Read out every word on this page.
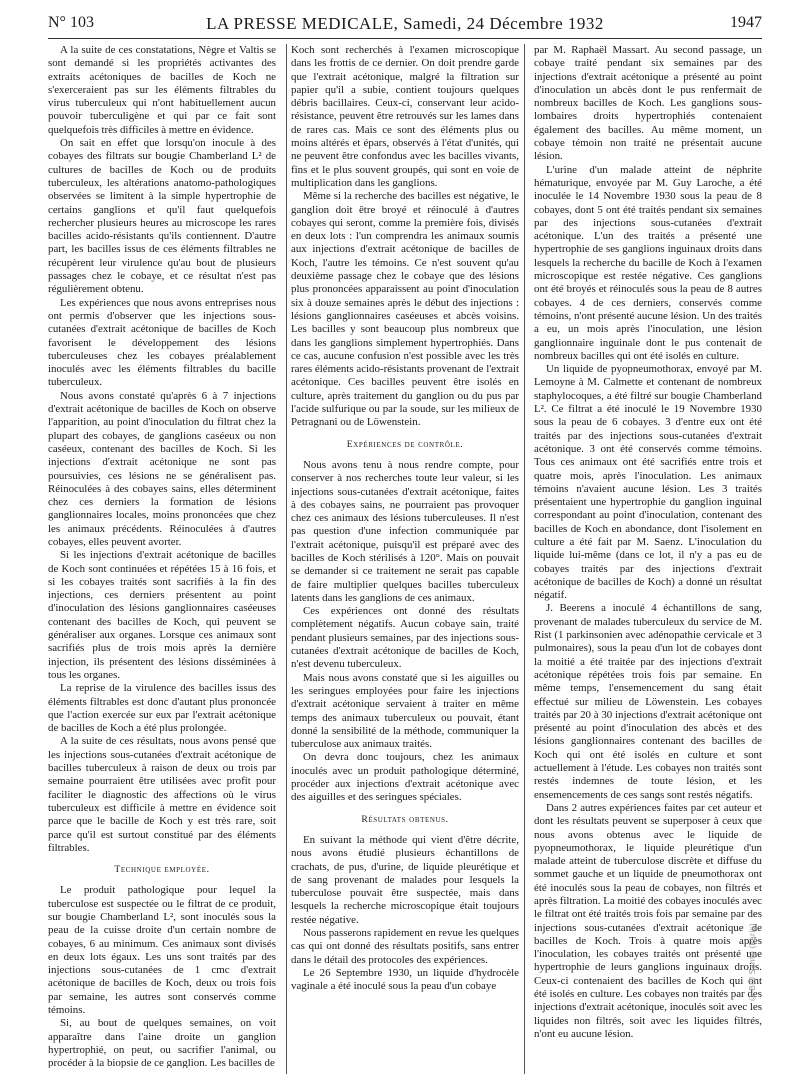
N° 103	LA PRESSE MEDICALE, Samedi, 24 Décembre 1932	1947

A la suite de ces constatations, Nègre et Valtis se sont demandé si les propriétés activantes des extraits acétoniques de bacilles de Koch ne s'exerceraient pas sur les éléments filtrables du virus tuberculeux qui n'ont habituellement aucun pouvoir tuberculigène et qui par ce fait sont quelquefois très difficiles à mettre en évidence.

On sait en effet que lorsqu'on inocule à des cobayes des filtrats sur bougie Chamberland L² de cultures de bacilles de Koch ou de produits tuberculeux, les altérations anatomo-pathologiques observées se limitent à la simple hypertrophie de certains ganglions et qu'il faut quelquefois rechercher plusieurs heures au microscope les rares bacilles acido-résistants qu'ils contiennent. D'autre part, les bacilles issus de ces éléments filtrables ne récupèrent leur virulence qu'au bout de plusieurs passages chez le cobaye, et ce résultat n'est pas régulièrement obtenu.

Les expériences que nous avons entreprises nous ont permis d'observer que les injections sous-cutanées d'extrait acétonique de bacilles de Koch favorisent le développement des lésions tuberculeuses chez les cobayes préalablement inoculés avec les éléments filtrables du bacille tuberculeux.

Nous avons constaté qu'après 6 à 7 injections d'extrait acétonique de bacilles de Koch on observe l'apparition, au point d'inoculation du filtrat chez la plupart des cobayes, de ganglions caséeux ou non caséeux, contenant des bacilles de Koch. Si les injections d'extrait acétonique ne sont pas poursuivies, ces lésions ne se généralisent pas. Réinoculées à des cobayes sains, elles déterminent chez ces derniers la formation de lésions ganglionnaires locales, moins prononcées que chez les animaux précédents. Réinoculées à d'autres cobayes, elles peuvent avorter.

Si les injections d'extrait acétonique de bacilles de Koch sont continuées et répétées 15 à 16 fois, et si les cobayes traités sont sacrifiés à la fin des injections, ces derniers présentent au point d'inoculation des lésions ganglionnaires caséeuses contenant des bacilles de Koch, qui peuvent se généraliser aux organes. Lorsque ces animaux sont sacrifiés plus de trois mois après la dernière injection, ils présentent des lésions disséminées à tous les organes.

La reprise de la virulence des bacilles issus des éléments filtrables est donc d'autant plus prononcée que l'action exercée sur eux par l'extrait acétonique de bacilles de Koch a été plus prolongée.

A la suite de ces résultats, nous avons pensé que les injections sous-cutanées d'extrait acétonique de bacilles tuberculeux à raison de deux ou trois par semaine pourraient être utilisées avec profit pour faciliter le diagnostic des affections où le virus tuberculeux est difficile à mettre en évidence soit parce que le bacille de Koch y est très rare, soit parce qu'il est surtout constitué par des éléments filtrables.

Technique employée.

Le produit pathologique pour lequel la tuberculose est suspectée ou le filtrat de ce produit, sur bougie Chamberland L², sont inoculés sous la peau de la cuisse droite d'un certain nombre de cobayes, 6 au minimum. Ces animaux sont divisés en deux lots égaux. Les uns sont traités par des injections sous-cutanées de 1 cmc d'extrait acétonique de bacilles de Koch, deux ou trois fois par semaine, les autres sont conservés comme témoins.

Si, au bout de quelques semaines, on voit apparaître dans l'aine droite un ganglion hypertrophié, on peut, ou sacrifier l'animal, ou procéder à la biopsie de ce ganglion. Les bacilles de

Koch sont recherchés à l'examen microscopique dans les frottis de ce dernier. On doit prendre garde que l'extrait acétonique, malgré la filtration sur papier qu'il a subie, contient toujours quelques débris bacillaires. Ceux-ci, conservant leur acido-résistance, peuvent être retrouvés sur les lames dans de rares cas. Mais ce sont des éléments plus ou moins altérés et épars, observés à l'état d'unités, qui ne peuvent être confondus avec les bacilles vivants, fins et le plus souvent groupés, qui sont en voie de multiplication dans les ganglions.

Même si la recherche des bacilles est négative, le ganglion doit être broyé et réinoculé à d'autres cobayes qui seront, comme la première fois, divisés en deux lots : l'un comprendra les animaux soumis aux injections d'extrait acétonique de bacilles de Koch, l'autre les témoins. Ce n'est souvent qu'au deuxième passage chez le cobaye que des lésions plus prononcées apparaissent au point d'inoculation six à douze semaines après le début des injections : lésions ganglionnaires caséeuses et abcès voisins. Les bacilles y sont beaucoup plus nombreux que dans les ganglions simplement hypertrophiés. Dans ce cas, aucune confusion n'est possible avec les très rares éléments acido-résistants provenant de l'extrait acétonique. Ces bacilles peuvent être isolés en culture, après traitement du ganglion ou du pus par l'acide sulfurique ou par la soude, sur les milieux de Petragnani ou de Löwenstein.

Expériences de contrôle.

Nous avons tenu à nous rendre compte, pour conserver à nos recherches toute leur valeur, si les injections sous-cutanées d'extrait acétonique, faites à des cobayes sains, ne pourraient pas provoquer chez ces animaux des lésions tuberculeuses. Il n'est pas question d'une infection communiquée par l'extrait acétonique, puisqu'il est préparé avec des bacilles de Koch stérilisés à 120°. Mais on pouvait se demander si ce traitement ne serait pas capable de faire multiplier quelques bacilles tuberculeux latents dans les ganglions de ces animaux.

Ces expériences ont donné des résultats complètement négatifs. Aucun cobaye sain, traité pendant plusieurs semaines, par des injections sous-cutanées d'extrait acétonique de bacilles de Koch, n'est devenu tuberculeux.

Mais nous avons constaté que si les aiguilles ou les seringues employées pour faire les injections d'extrait acétonique servaient à traiter en même temps des animaux tuberculeux ou pouvait, étant donné la sensibilité de la méthode, communiquer la tuberculose aux animaux traités.

On devra donc toujours, chez les animaux inoculés avec un produit pathologique déterminé, procéder aux injections d'extrait acétonique avec des aiguilles et des seringues spéciales.

Résultats obtenus.

En suivant la méthode qui vient d'être décrite, nous avons étudié plusieurs échantillons de crachats, de pus, d'urine, de liquide pleurétique et de sang provenant de malades pour lesquels la tuberculose pouvait être suspectée, mais dans lesquels la recherche microscopique était toujours restée négative.

Nous passerons rapidement en revue les quelques cas qui ont donné des résultats positifs, sans entrer dans le détail des protocoles des expériences.

Le 26 Septembre 1930, un liquide d'hydrocèle vaginale a été inoculé sous la peau d'un cobaye

par M. Raphaël Massart. Au second passage, un cobaye traité pendant six semaines par des injections d'extrait acétonique a présenté au point d'inoculation un abcès dont le pus renfermait de nombreux bacilles de Koch. Les ganglions sous-lombaires droits hypertrophiés contenaient également des bacilles. Au même moment, un cobaye témoin non traité ne présentait aucune lésion.

L'urine d'un malade atteint de néphrite hématurique, envoyée par M. Guy Laroche, a été inoculée le 14 Novembre 1930 sous la peau de 8 cobayes, dont 5 ont été traités pendant six semaines par des injections sous-cutanées d'extrait acétonique. L'un des traités a présenté une hypertrophie de ses ganglions inguinaux droits dans lesquels la recherche du bacille de Koch à l'examen microscopique est restée négative. Ces ganglions ont été broyés et réinoculés sous la peau de 8 autres cobayes. 4 de ces derniers, conservés comme témoins, n'ont présenté aucune lésion. Un des traités a eu, un mois après l'inoculation, une lésion ganglionnaire inguinale dont le pus contenait de nombreux bacilles qui ont été isolés en culture.

Un liquide de pyopneumothorax, envoyé par M. Lemoyne à M. Calmette et contenant de nombreux staphylocoques, a été filtré sur bougie Chamberland L². Ce filtrat a été inoculé le 19 Novembre 1930 sous la peau de 6 cobayes. 3 d'entre eux ont été traités par des injections sous-cutanées d'extrait acétonique. 3 ont été conservés comme témoins. Tous ces animaux ont été sacrifiés entre trois et quatre mois, après l'inoculation. Les animaux témoins n'avaient aucune lésion. Les 3 traités présentaient une hypertrophie du ganglion inguinal correspondant au point d'inoculation, contenant des bacilles de Koch en abondance, dont l'isolement en culture a été fait par M. Saenz. L'inoculation du liquide lui-même (dans ce lot, il n'y a pas eu de cobayes traités par des injections d'extrait acétonique de bacilles de Koch) a donné un résultat négatif.

J. Beerens a inoculé 4 échantillons de sang, provenant de malades tuberculeux du service de M. Rist (1 parkinsonien avec adénopathie cervicale et 3 pulmonaires), sous la peau d'un lot de cobayes dont la moitié a été traitée par des injections d'extrait acétonique répétées trois fois par semaine. En même temps, l'ensemencement du sang était effectué sur milieu de Löwenstein. Les cobayes traités par 20 à 30 injections d'extrait acétonique ont présenté au point d'inoculation des abcès et des lésions ganglionnaires contenant des bacilles de Koch qui ont été isolés en culture et sont actuellement à l'étude. Les cobayes non traités sont restés indemnes de toute lésion, et les ensemencements de ces sangs sont restés négatifs.

Dans 2 autres expériences faites par cet auteur et dont les résultats peuvent se superposer à ceux que nous avons obtenus avec le liquide de pyopneumothorax, le liquide pleurétique d'un malade atteint de tuberculose discrète et diffuse du sommet gauche et un liquide de pneumothorax ont été inoculés sous la peau de cobayes, non filtrés et après filtration. La moitié des cobayes inoculés avec le filtrat ont été traités trois fois par semaine par des injections sous-cutanées d'extrait acétonique de bacilles de Koch. Trois à quatre mois après l'inoculation, les cobayes traités ont présenté une hypertrophie de leurs ganglions inguinaux droits. Ceux-ci contenaient des bacilles de Koch qui ont été isolés en culture. Les cobayes non traités par des injections d'extrait acétonique, inoculés soit avec les liquides non filtrés, soit avec les liquides filtrés, n'ont eu aucune lésion.

© BIU Santé (Paris)
